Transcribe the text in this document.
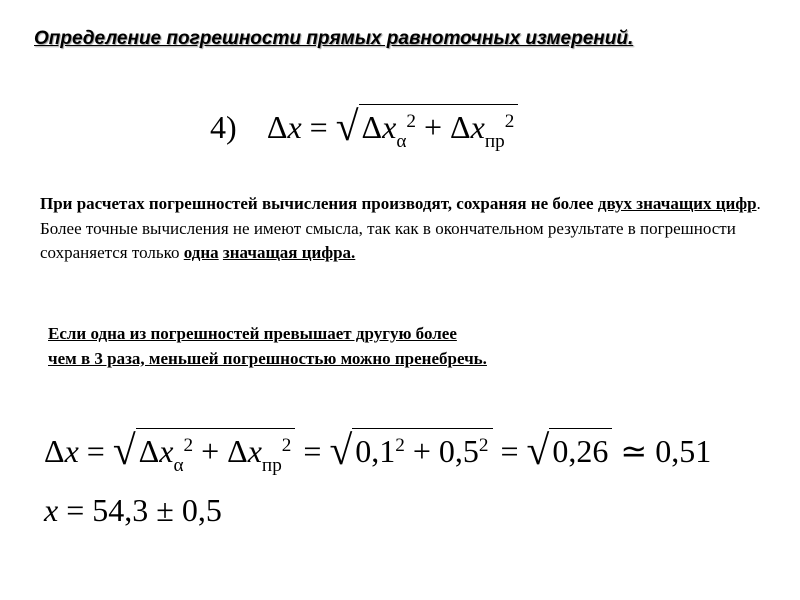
Определение погрешности прямых равноточных измерений.
4) $\Delta x = √\Delta x_\alpha^2 + \Delta x_{пр}^2$
При расчетах погрешностей вычисления производят, сохраняя не более двух значащих цифр. Более точные вычисления не имеют смысла, так как в окончательном результате в погрешности сохраняется только одна значащая цифра.
Если одна из погрешностей превышает другую более
чем в 3 раза, меньшей погрешностью можно пренебречь.
$\Delta x = √\Delta x_\alpha^2 + \Delta x_{пр}^2 = √0,1^2 + 0,5^2 = √0,26$ ≃ 0,51
x = 54,3 ± 0,5
